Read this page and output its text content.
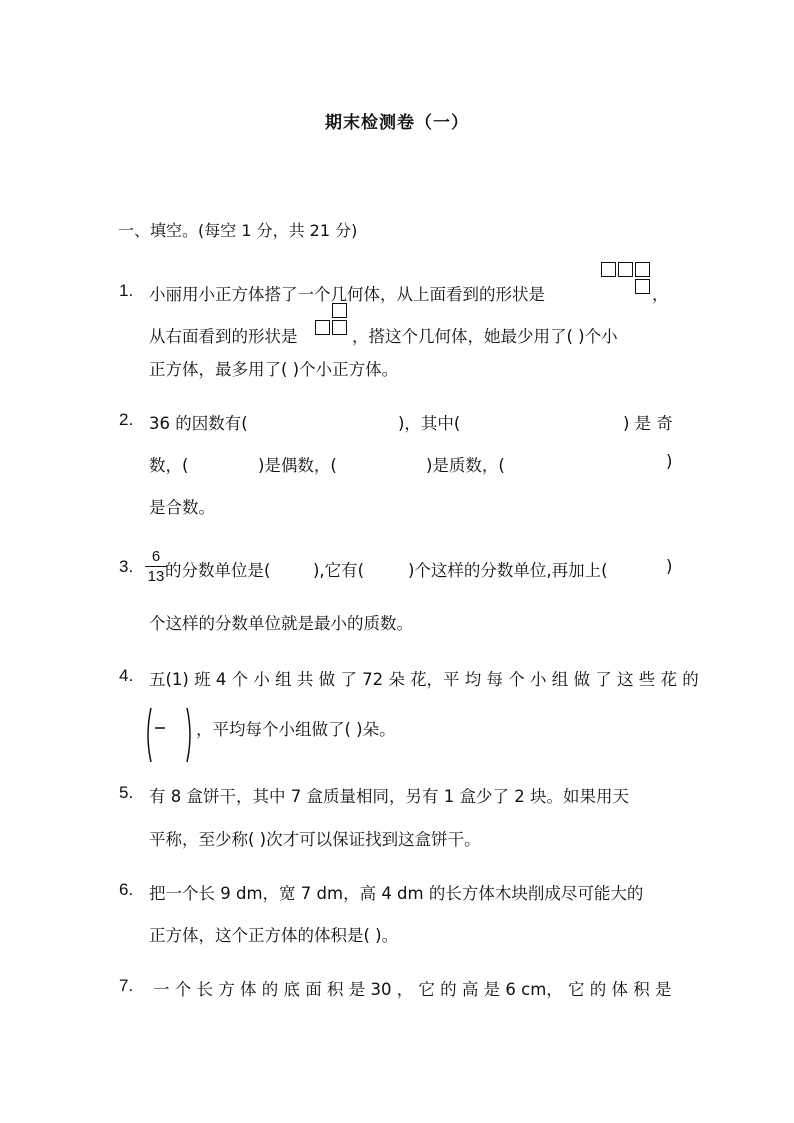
期末检测卷（一）
一、填空。(每空 1 分，共 21 分)
1. 小丽用小正方体搭了一个几何体，从上面看到的形状是	，
从右面看到的形状是	，搭这个几何体，她最少用了( )个小
正方体，最多用了( )个小正方体。
2. 36 的因数有(	)，其中(	) 是 奇
数，(	)是偶数，(	)是质数，(	)
是合数。
3.
6
13 的分数单位是(	),它有(	)个这样的分数单位,再加上(	)
个这样的分数单位就是最小的质数。
4. 五(1) 班 4 个 小 组 共 做 了 72 朵 花，平 均 每 个 小 组 做 了 这 些 花 的
，平均每个小组做了( )朵。
5. 有 8 盒饼干，其中 7 盒质量相同，另有 1 盒少了 2 块。如果用天
平称，至少称( )次才可以保证找到这盒饼干。
6. 把一个长 9 dm，宽 7 dm，高 4 dm 的长方体木块削成尽可能大的
正方体，这个正方体的体积是( )。
7. 一 个 长 方 体 的 底 面 积 是 30 ， 它 的 高 是 6 cm， 它 的 体 积 是
